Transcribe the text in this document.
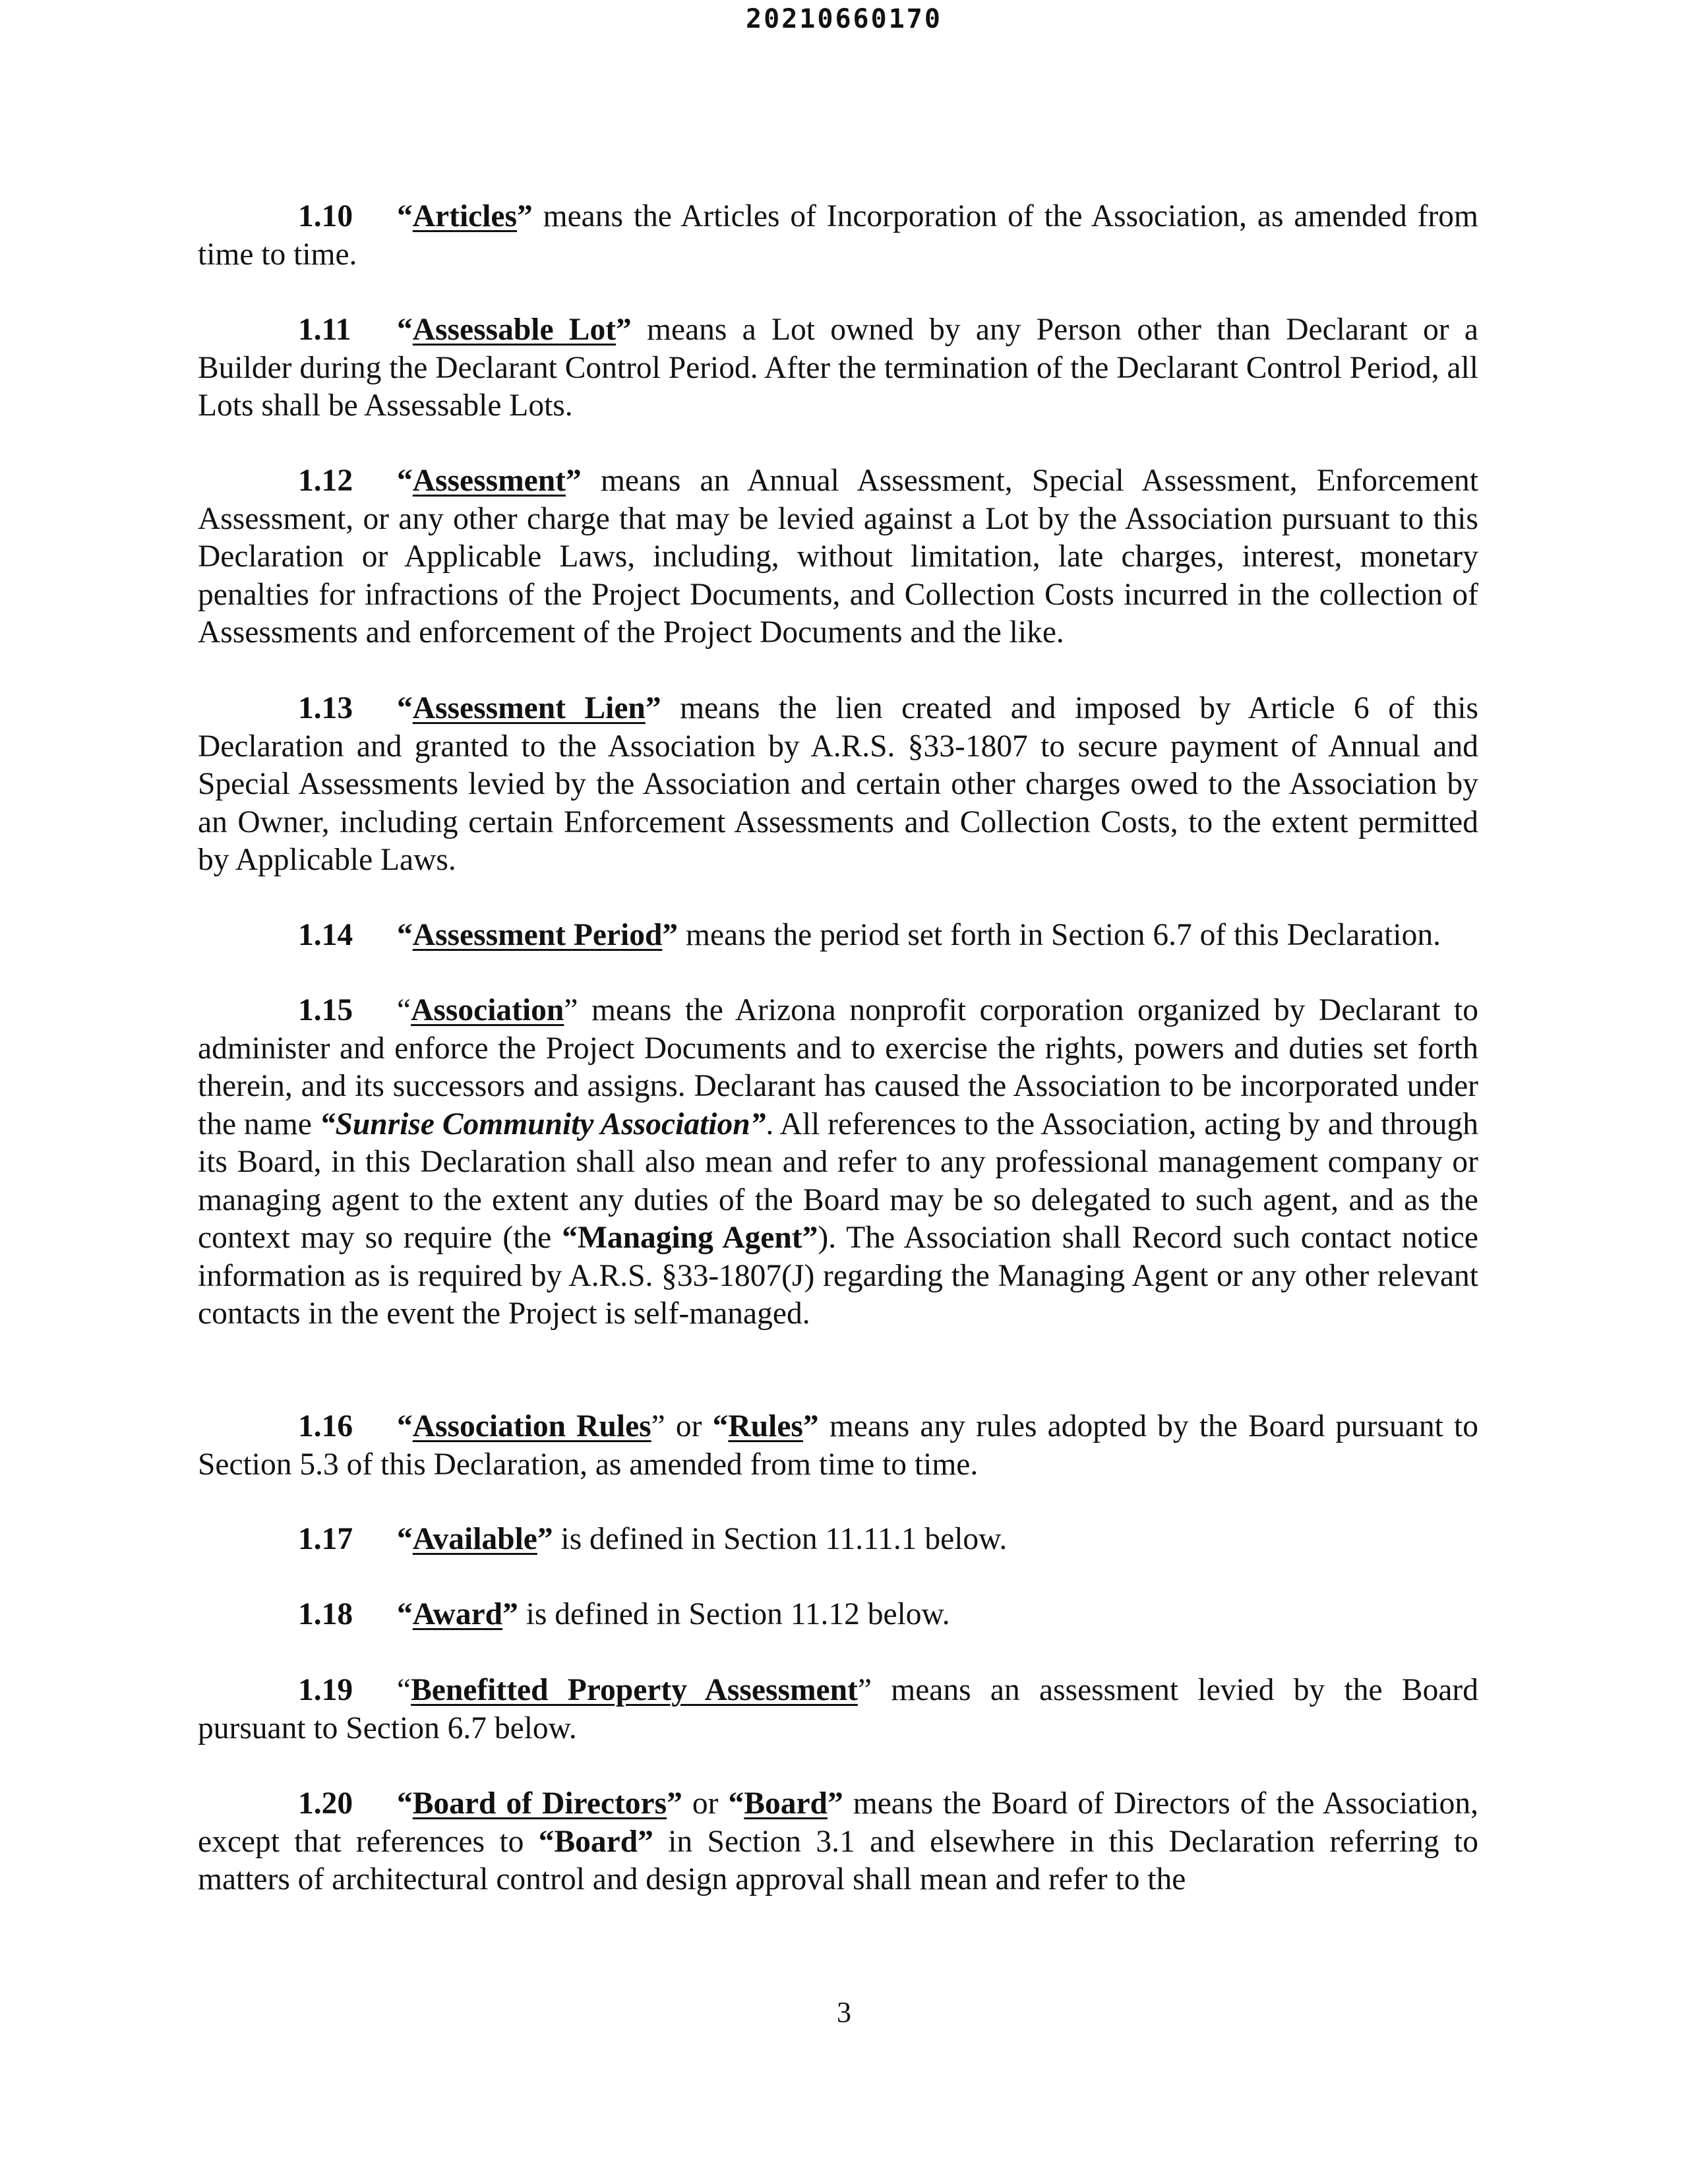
20210660170

1.10 “Articles” means the Articles of Incorporation of the Association, as amended from time to time.

1.11 “Assessable Lot” means a Lot owned by any Person other than Declarant or a Builder during the Declarant Control Period. After the termination of the Declarant Control Period, all Lots shall be Assessable Lots.

1.12 “Assessment” means an Annual Assessment, Special Assessment, Enforcement Assessment, or any other charge that may be levied against a Lot by the Association pursuant to this Declaration or Applicable Laws, including, without limitation, late charges, interest, monetary penalties for infractions of the Project Documents, and Collection Costs incurred in the collection of Assessments and enforcement of the Project Documents and the like.

1.13 “Assessment Lien” means the lien created and imposed by Article 6 of this Declaration and granted to the Association by A.R.S. §33-1807 to secure payment of Annual and Special Assessments levied by the Association and certain other charges owed to the Association by an Owner, including certain Enforcement Assessments and Collection Costs, to the extent permitted by Applicable Laws.

1.14 “Assessment Period” means the period set forth in Section 6.7 of this Declaration.

1.15 “Association” means the Arizona nonprofit corporation organized by Declarant to administer and enforce the Project Documents and to exercise the rights, powers and duties set forth therein, and its successors and assigns. Declarant has caused the Association to be incorporated under the name “Sunrise Community Association”. All references to the Association, acting by and through its Board, in this Declaration shall also mean and refer to any professional management company or managing agent to the extent any duties of the Board may be so delegated to such agent, and as the context may so require (the “Managing Agent”). The Association shall Record such contact notice information as is required by A.R.S. §33-1807(J) regarding the Managing Agent or any other relevant contacts in the event the Project is self-managed.

1.16 “Association Rules” or “Rules” means any rules adopted by the Board pursuant to Section 5.3 of this Declaration, as amended from time to time.

1.17 “Available” is defined in Section 11.11.1 below.

1.18 “Award” is defined in Section 11.12 below.

1.19 “Benefitted Property Assessment” means an assessment levied by the Board pursuant to Section 6.7 below.

1.20 “Board of Directors” or “Board” means the Board of Directors of the Association, except that references to “Board” in Section 3.1 and elsewhere in this Declaration referring to matters of architectural control and design approval shall mean and refer to the

3
